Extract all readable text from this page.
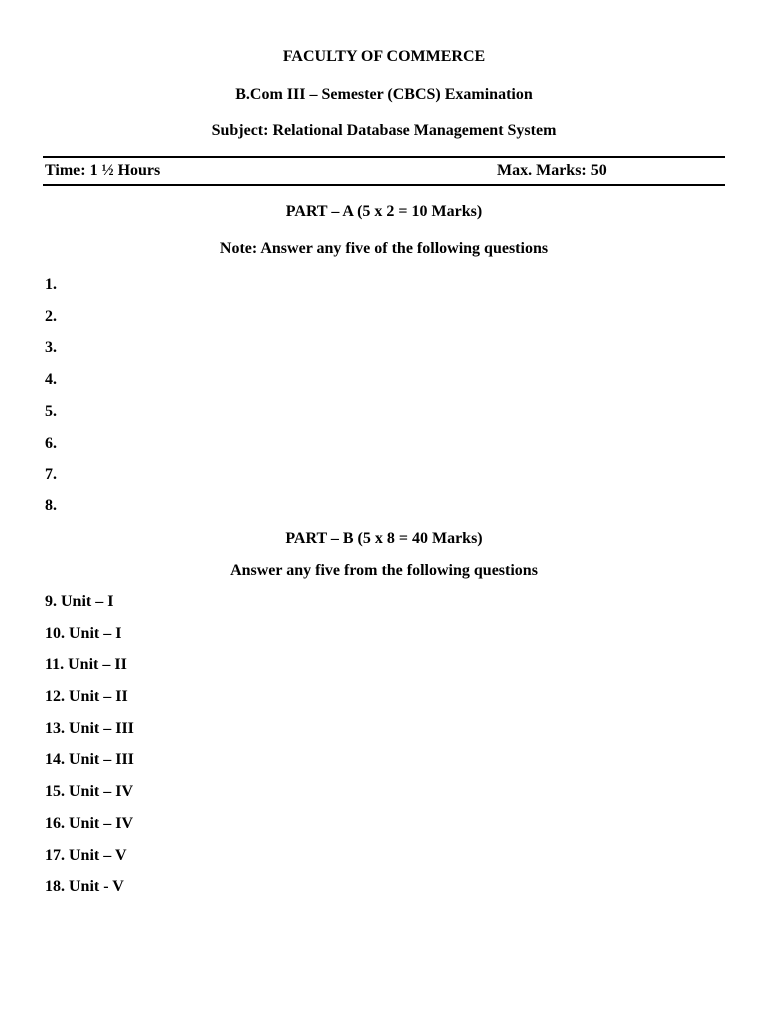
FACULTY OF COMMERCE
B.Com III – Semester (CBCS) Examination
Subject: Relational Database Management System
Time: 1 ½ Hours	Max. Marks: 50
PART – A (5 x 2 = 10 Marks)
Note: Answer any five of the following questions
1.
2.
3.
4.
5.
6.
7.
8.
PART – B (5 x 8 = 40 Marks)
Answer any five from the following questions
9. Unit – I
10. Unit – I
11. Unit – II
12. Unit – II
13. Unit – III
14. Unit – III
15. Unit – IV
16. Unit – IV
17. Unit – V
18. Unit - V
